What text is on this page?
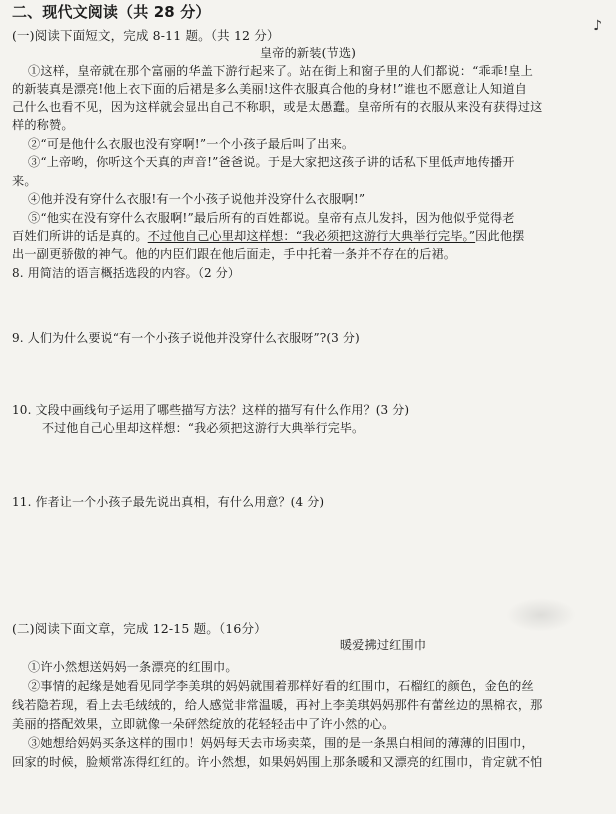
♪
二、现代文阅读（共 28 分）
(一)阅读下面短文，完成 8-11 题。（共 12 分）
皇帝的新装(节选)
①这样，皇帝就在那个富丽的华盖下游行起来了。站在街上和窗子里的人们都说：“乖乖!皇上
的新装真是漂亮!他上衣下面的后裙是多么美丽!这件衣服真合他的身材!”谁也不愿意让人知道自
己什么也看不见，因为这样就会显出自己不称职，或是太愚蠢。皇帝所有的衣服从来没有获得过这
样的称赞。
②“可是他什么衣服也没有穿啊!”一个小孩子最后叫了出来。
③“上帝哟，你听这个天真的声音!”爸爸说。于是大家把这孩子讲的话私下里低声地传播开
来。
④他并没有穿什么衣服!有一个小孩子说他并没穿什么衣服啊!”
⑤“他实在没有穿什么衣服啊!”最后所有的百姓都说。皇帝有点儿发抖，因为他似乎觉得老
百姓们所讲的话是真的。不过他自己心里却这样想：“我必须把这游行大典举行完毕。”因此他摆
出一副更骄傲的神气。他的内臣们跟在他后面走，手中托着一条并不存在的后裙。
8. 用简洁的语言概括选段的内容。（2 分）
9. 人们为什么要说“有一个小孩子说他并没穿什么衣服呀”?(3 分)
10. 文段中画线句子运用了哪些描写方法？这样的描写有什么作用？(3 分)
不过他自己心里却这样想：“我必须把这游行大典举行完毕。
11. 作者让一个小孩子最先说出真相，有什么用意？(4 分)
(二)阅读下面文章，完成 12-15 题。（16分）
暖爱拂过红围巾
①许小然想送妈妈一条漂亮的红围巾。
②事情的起缘是她看见同学李美琪的妈妈就围着那样好看的红围巾，石榴红的颜色，金色的丝
线若隐若现，看上去毛绒绒的，给人感觉非常温暖，再衬上李美琪妈妈那件有蕾丝边的黑棉衣，那
美丽的搭配效果，立即就像一朵砰然绽放的花轻轻击中了许小然的心。
③她想给妈妈买条这样的围巾！妈妈每天去市场卖菜，围的是一条黑白相间的薄薄的旧围巾，
回家的时候，脸颊常冻得红红的。许小然想，如果妈妈围上那条暖和又漂亮的红围巾，肯定就不怕
